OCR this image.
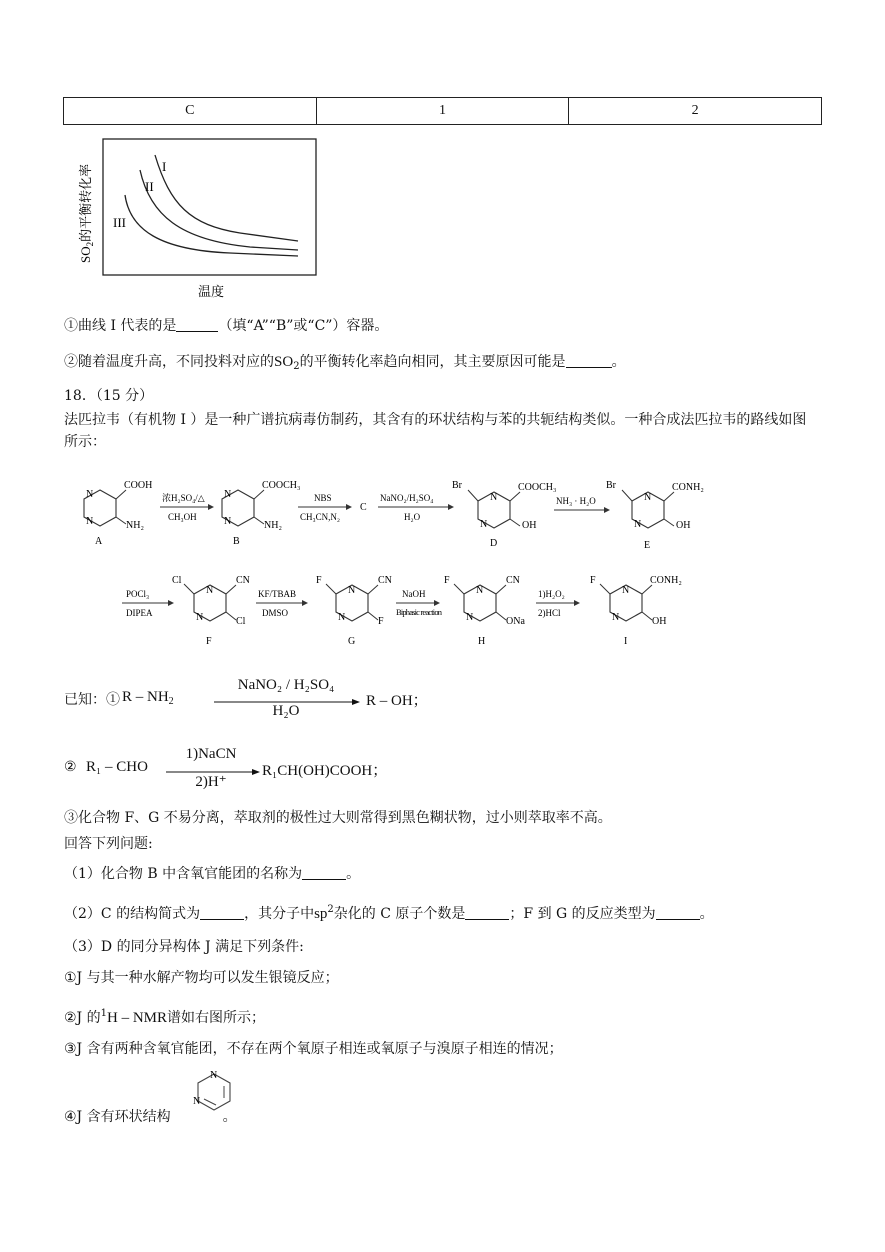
C	1	2
I
II
III
$SO_2$的平衡转化率
温度
①曲线 I 代表的是	（填“A”“B”或“C”）容器。
②随着温度升高，不同投料对应的$SO_2$的平衡转化率趋向相同，其主要原因可能是	。
18．（15 分）
法匹拉韦（有机物 I ）是一种广谱抗病毒仿制药，其含有的环状结构与苯的共轭结构类似。一种合成法匹拉韦的路线如图所示：
N
N
COOH
NH₂
A
浓H₂SO₄/△
CH₃OH
N
N
COOCH₃
NH₂
B
NBS
CH₃CN,N₂
C
NaNO₂/H₂SO₄
H₂O
Br
N
N
COOCH₃
OH
D
NH₃ · H₂O
Br
N
N
CONH₂
OH
E
POCl₃
DIPEA
Cl
N
N
CN
Cl
F
KF/TBAB
DMSO
F
N
N
CN
F
G
NaOH
Biphasic reaction
F
N
N
CN
ONa
H
1)H₂O₂
2)HCl
F
N
N
CONH₂
OH
I
已知：① R – $NH_2$
NaNO₂ / H₂SO₄
H₂O
R – OH；
② R₁ – CHO
1)NaCN
2)H⁺
R₁CH(OH)COOH；
③化合物 F、G 不易分离，萃取剂的极性过大则常得到黑色糊状物，过小则萃取率不高。
回答下列问题:
（1）化合物 B 中含氧官能团的名称为	。
（2）C 的结构简式为	，其分子中$sp^2$杂化的 C 原子个数是	；F 到 G 的反应类型为	。
（3）D 的同分异构体 J 满足下列条件:
①J 与其一种水解产物均可以发生银镜反应；
②J 的$^1$H – NMR谱如右图所示；
③J 含有两种含氧官能团，不存在两个氧原子相连或氧原子与溴原子相连的情况；
④J 含有环状结构	。
N
N
